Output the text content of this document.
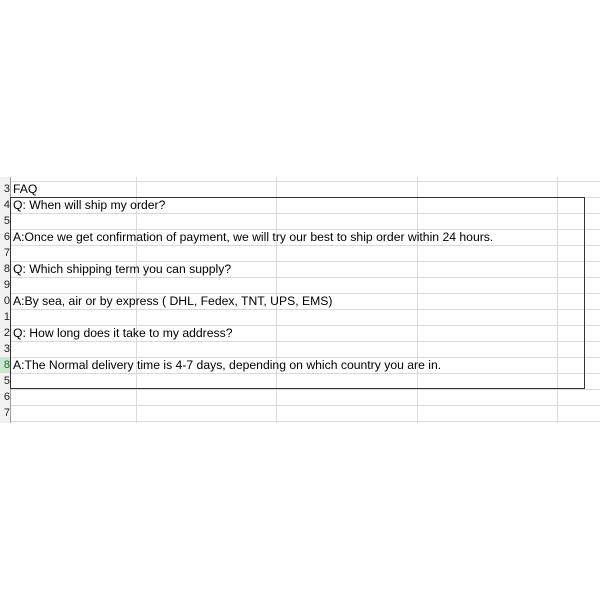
3
4
5
6
7
8
9
0
1
2
3
8
5
6
7
FAQ
Q: When will ship my order?
A:Once we get confirmation of payment, we will try our best to ship order within 24 hours.
Q: Which shipping term you can supply?
A:By sea, air or by express ( DHL, Fedex, TNT, UPS, EMS)
Q: How long does it take to my address?
A:The Normal delivery time is 4-7 days, depending on which country you are in.
